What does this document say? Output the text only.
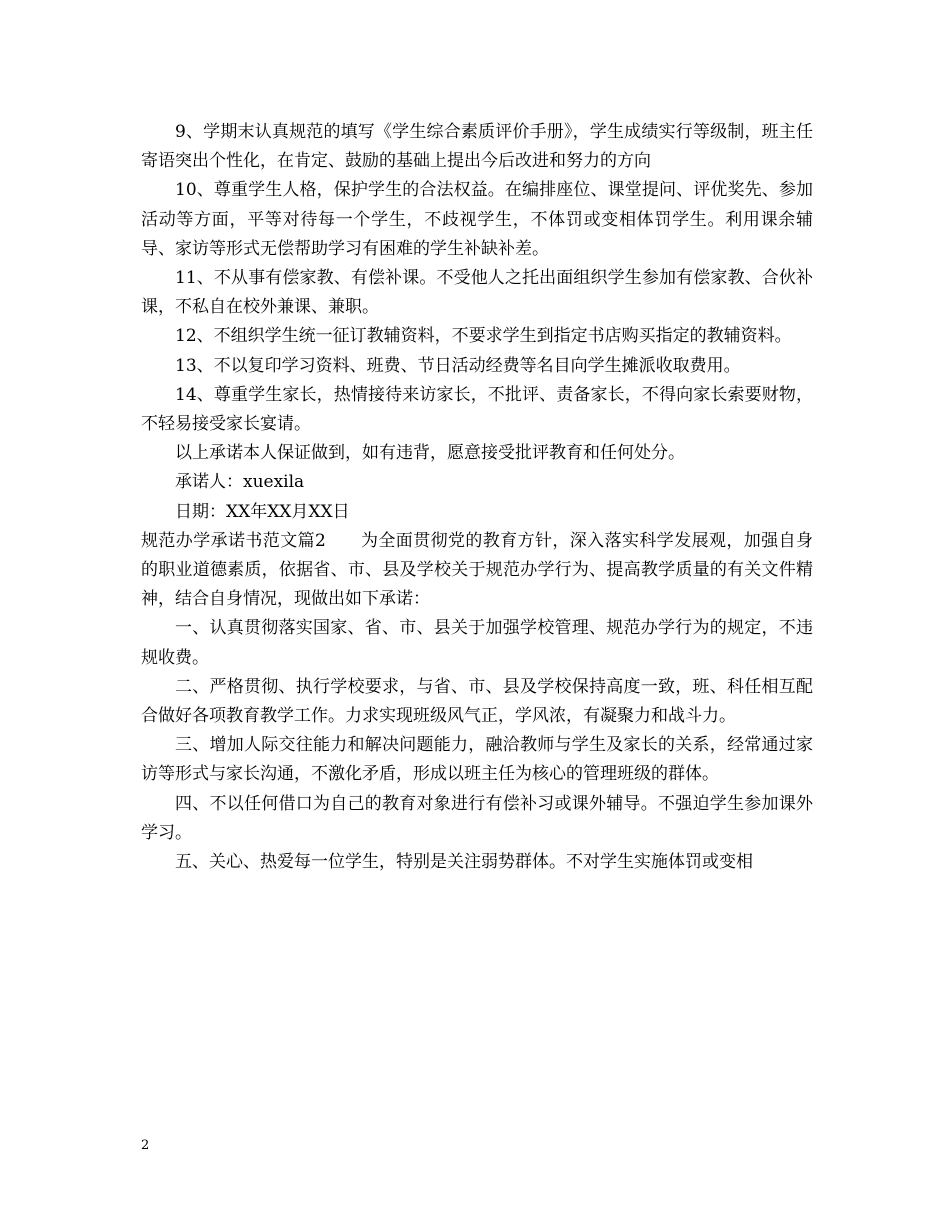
9、学期末认真规范的填写《学生综合素质评价手册》，学生成绩实行等级制，班主任寄语突出个性化，在肯定、鼓励的基础上提出今后改进和努力的方向

10、尊重学生人格，保护学生的合法权益。在编排座位、课堂提问、评优奖先、参加活动等方面，平等对待每一个学生，不歧视学生，不体罚或变相体罚学生。利用课余辅导、家访等形式无偿帮助学习有困难的学生补缺补差。

11、不从事有偿家教、有偿补课。不受他人之托出面组织学生参加有偿家教、合伙补课，不私自在校外兼课、兼职。

12、不组织学生统一征订教辅资料，不要求学生到指定书店购买指定的教辅资料。

13、不以复印学习资料、班费、节日活动经费等名目向学生摊派收取费用。

14、尊重学生家长，热情接待来访家长，不批评、责备家长，不得向家长索要财物，不轻易接受家长宴请。

以上承诺本人保证做到，如有违背，愿意接受批评教育和任何处分。

承诺人：xuexila

日期：XX年XX月XX日

规范办学承诺书范文篇2　　为全面贯彻党的教育方针，深入落实科学发展观，加强自身的职业道德素质，依据省、市、县及学校关于规范办学行为、提高教学质量的有关文件精神，结合自身情况，现做出如下承诺：

一、认真贯彻落实国家、省、市、县关于加强学校管理、规范办学行为的规定，不违规收费。

二、严格贯彻、执行学校要求，与省、市、县及学校保持高度一致，班、科任相互配合做好各项教育教学工作。力求实现班级风气正，学风浓，有凝聚力和战斗力。

三、增加人际交往能力和解决问题能力，融洽教师与学生及家长的关系，经常通过家访等形式与家长沟通，不激化矛盾，形成以班主任为核心的管理班级的群体。

四、不以任何借口为自己的教育对象进行有偿补习或课外辅导。不强迫学生参加课外学习。

五、关心、热爱每一位学生，特别是关注弱势群体。不对学生实施体罚或变相

2
